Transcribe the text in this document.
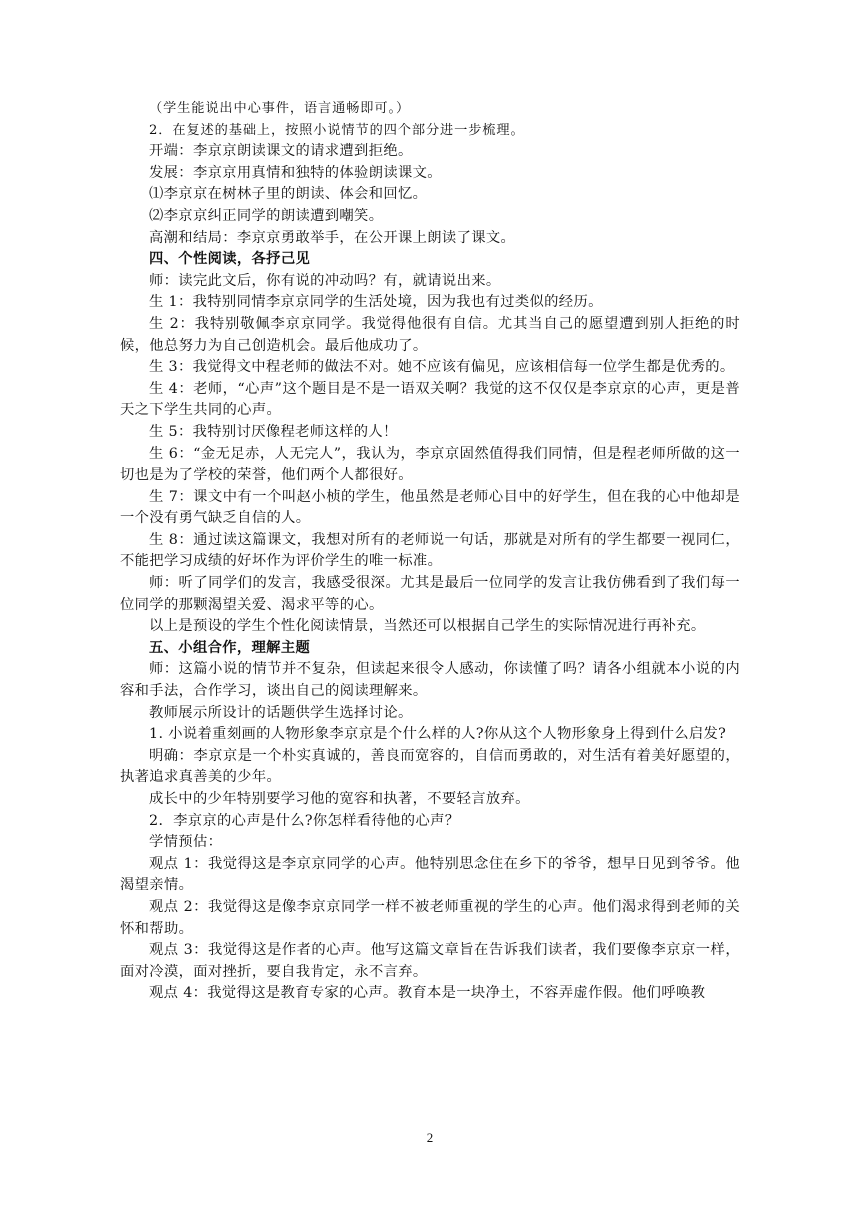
（学生能说出中心事件，语言通畅即可。）

2．在复述的基础上，按照小说情节的四个部分进一步梳理。

开端：李京京朗读课文的请求遭到拒绝。

发展：李京京用真情和独特的体验朗读课文。

⑴李京京在树林子里的朗读、体会和回忆。

⑵李京京纠正同学的朗读遭到嘲笑。

高潮和结局：李京京勇敢举手，在公开课上朗读了课文。

四、个性阅读，各抒己见

师：读完此文后，你有说的冲动吗？有，就请说出来。

生 1：我特别同情李京京同学的生活处境，因为我也有过类似的经历。

生 2：我特别敬佩李京京同学。我觉得他很有自信。尤其当自己的愿望遭到别人拒绝的时候，他总努力为自己创造机会。最后他成功了。

生 3：我觉得文中程老师的做法不对。她不应该有偏见，应该相信每一位学生都是优秀的。

生 4：老师，“心声”这个题目是不是一语双关啊？我觉的这不仅仅是李京京的心声，更是普天之下学生共同的心声。

生 5：我特别讨厌像程老师这样的人！

生 6：“金无足赤，人无完人”，我认为，李京京固然值得我们同情，但是程老师所做的这一切也是为了学校的荣誉，他们两个人都很好。

生 7：课文中有一个叫赵小桢的学生，他虽然是老师心目中的好学生，但在我的心中他却是一个没有勇气缺乏自信的人。

生 8：通过读这篇课文，我想对所有的老师说一句话，那就是对所有的学生都要一视同仁，不能把学习成绩的好坏作为评价学生的唯一标准。

师：听了同学们的发言，我感受很深。尤其是最后一位同学的发言让我仿佛看到了我们每一位同学的那颗渴望关爱、渴求平等的心。

以上是预设的学生个性化阅读情景，当然还可以根据自己学生的实际情况进行再补充。

五、小组合作，理解主题

师：这篇小说的情节并不复杂，但读起来很令人感动，你读懂了吗？请各小组就本小说的内容和手法，合作学习，谈出自己的阅读理解来。

教师展示所设计的话题供学生选择讨论。

1. 小说着重刻画的人物形象李京京是个什么样的人?你从这个人物形象身上得到什么启发?

明确：李京京是一个朴实真诚的，善良而宽容的，自信而勇敢的，对生活有着美好愿望的，执著追求真善美的少年。

成长中的少年特别要学习他的宽容和执著，不要轻言放弃。

2．李京京的心声是什么?你怎样看待他的心声？

学情预估：

观点 1：我觉得这是李京京同学的心声。他特别思念住在乡下的爷爷，想早日见到爷爷。他渴望亲情。

观点 2：我觉得这是像李京京同学一样不被老师重视的学生的心声。他们渴求得到老师的关怀和帮助。

观点 3：我觉得这是作者的心声。他写这篇文章旨在告诉我们读者，我们要像李京京一样，面对冷漠，面对挫折，要自我肯定，永不言弃。

观点 4：我觉得这是教育专家的心声。教育本是一块净土，不容弄虚作假。他们呼唤教

2
